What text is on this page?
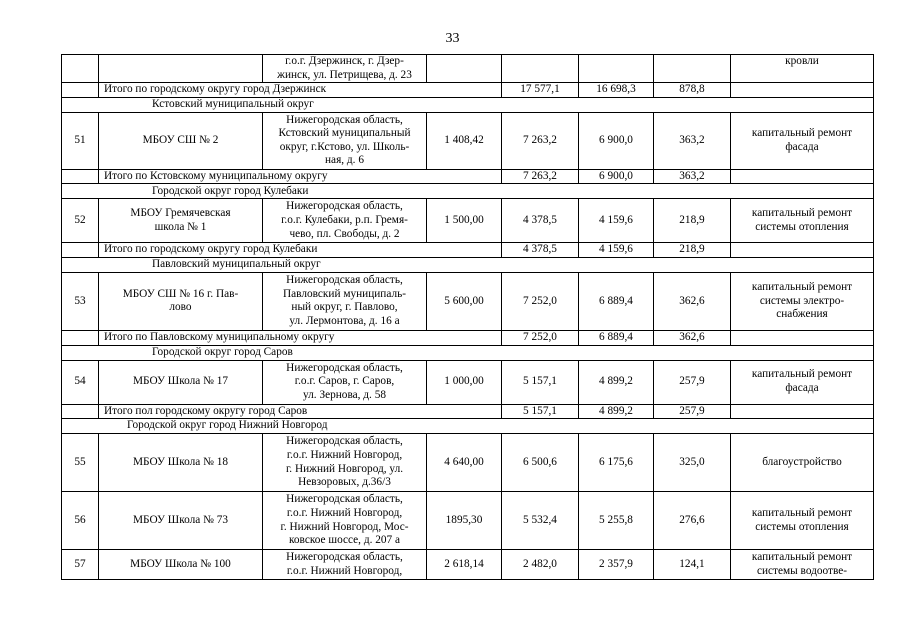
33
		г.о.г. Дзержинск, г. Дзер-
жинск, ул. Петрищева, д. 23					кровли
	Итого по городскому округу город Дзержинск			17 577,1	16 698,3	878,8	
Кстовский муниципальный округ							
51	МБОУ СШ № 2	Нижегородская область,
Кстовский муниципальный
округ, г.Кстово, ул. Школь-
ная, д. 6	1 408,42	7 263,2	6 900,0	363,2	капитальный ремонт
фасада
	Итого по Кстовскому муниципальному округу			7 263,2	6 900,0	363,2	
Городской округ город Кулебаки							
52	МБОУ Гремячевская
школа № 1	Нижегородская область,
г.о.г. Кулебаки, р.п. Гремя-
чево, пл. Свободы, д. 2	1 500,00	4 378,5	4 159,6	218,9	капитальный ремонт
системы отопления
	Итого по городскому округу город Кулебаки			4 378,5	4 159,6	218,9	
Павловский муниципальный округ							
53	МБОУ СШ № 16 г. Пав-
лово	Нижегородская область,
Павловский муниципаль-
ный округ, г. Павлово,
ул. Лермонтова, д. 16 а	5 600,00	7 252,0	6 889,4	362,6	капитальный ремонт
системы электро-
снабжения
	Итого по Павловскому муниципальному округу			7 252,0	6 889,4	362,6	
Городской округ город Саров							
54	МБОУ Школа № 17	Нижегородская область,
г.о.г. Саров, г. Саров,
ул. Зернова, д. 58	1 000,00	5 157,1	4 899,2	257,9	капитальный ремонт
фасада
	Итого пол городскому округу город Саров			5 157,1	4 899,2	257,9	
Городской округ город Нижний Новгород							
55	МБОУ Школа № 18	Нижегородская область,
г.о.г. Нижний Новгород,
г. Нижний Новгород, ул.
Невзоровых, д.36/3	4 640,00	6 500,6	6 175,6	325,0	благоустройство
56	МБОУ Школа № 73	Нижегородская область,
г.о.г. Нижний Новгород,
г. Нижний Новгород, Мос-
ковское шоссе, д. 207 а	1895,30	5 532,4	5 255,8	276,6	капитальный ремонт
системы отопления
57	МБОУ Школа № 100	Нижегородская область,
г.о.г. Нижний Новгород,	2 618,14	2 482,0	2 357,9	124,1	капитальный ремонт
системы водоотве-
